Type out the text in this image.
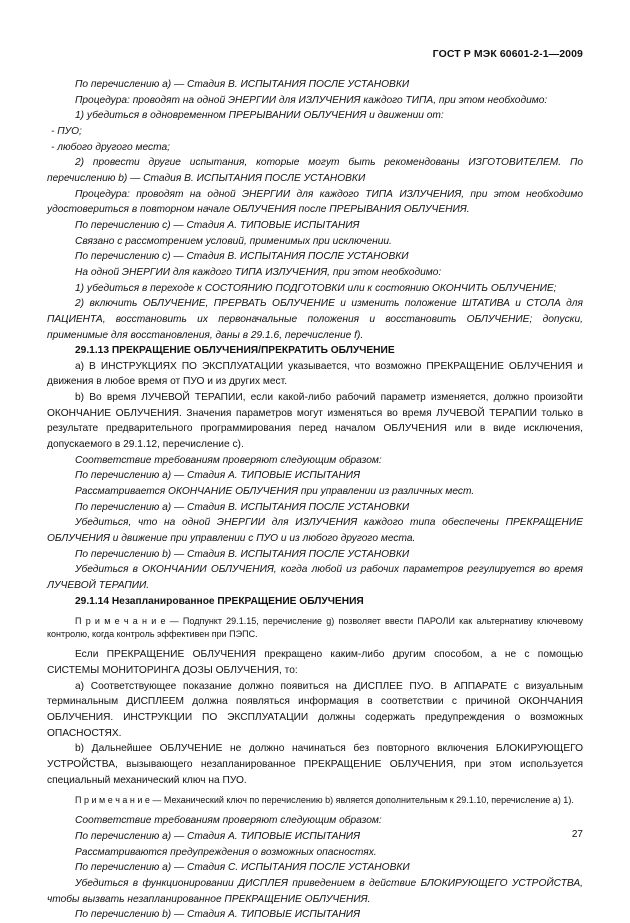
ГОСТ Р МЭК 60601-2-1—2009

По перечислению а) — Стадия В. ИСПЫТАНИЯ ПОСЛЕ УСТАНОВКИ

Процедура: проводят на одной ЭНЕРГИИ для ИЗЛУЧЕНИЯ каждого ТИПА, при этом необходимо:

1) убедиться в одновременном ПРЕРЫВАНИИ ОБЛУЧЕНИЯ и движении от:

- ПУО;

- любого другого места;

2) провести другие испытания, которые могут быть рекомендованы ИЗГОТОВИТЕЛЕМ. По перечислению b) — Стадия В. ИСПЫТАНИЯ ПОСЛЕ УСТАНОВКИ

Процедура: проводят на одной ЭНЕРГИИ для каждого ТИПА ИЗЛУЧЕНИЯ, при этом необходимо удостовериться в повторном начале ОБЛУЧЕНИЯ после ПРЕРЫВАНИЯ ОБЛУЧЕНИЯ.

По перечислению с) — Стадия А. ТИПОВЫЕ ИСПЫТАНИЯ

Связано с рассмотрением условий, применимых при исключении.

По перечислению с) — Стадия В. ИСПЫТАНИЯ ПОСЛЕ УСТАНОВКИ

На одной ЭНЕРГИИ для каждого ТИПА ИЗЛУЧЕНИЯ, при этом необходимо:

1) убедиться в переходе к СОСТОЯНИЮ ПОДГОТОВКИ или к состоянию ОКОНЧИТЬ ОБЛУЧЕНИЕ;

2) включить ОБЛУЧЕНИЕ, ПРЕРВАТЬ ОБЛУЧЕНИЕ и изменить положение ШТАТИВА и СТОЛА для ПАЦИЕНТА, восстановить их первоначальные положения и восстановить ОБЛУЧЕНИЕ; допуски, применимые для восстановления, даны в 29.1.6, перечисление f).

29.1.13 ПРЕКРАЩЕНИЕ ОБЛУЧЕНИЯ/ПРЕКРАТИТЬ ОБЛУЧЕНИЕ

а) В ИНСТРУКЦИЯХ ПО ЭКСПЛУАТАЦИИ указывается, что возможно ПРЕКРАЩЕНИЕ ОБЛУЧЕНИЯ и движения в любое время от ПУО и из других мест.

b) Во время ЛУЧЕВОЙ ТЕРАПИИ, если какой-либо рабочий параметр изменяется, должно произойти ОКОНЧАНИЕ ОБЛУЧЕНИЯ. Значения параметров могут изменяться во время ЛУЧЕВОЙ ТЕРАПИИ только в результате предварительного программирования перед началом ОБЛУЧЕНИЯ или в виде исключения, допускаемого в 29.1.12, перечисление с).

Соответствие требованиям проверяют следующим образом:

По перечислению а) — Стадия А. ТИПОВЫЕ ИСПЫТАНИЯ

Рассматривается ОКОНЧАНИЕ ОБЛУЧЕНИЯ при управлении из различных мест.

По перечислению а) — Стадия В. ИСПЫТАНИЯ ПОСЛЕ УСТАНОВКИ

Убедиться, что на одной ЭНЕРГИИ для ИЗЛУЧЕНИЯ каждого типа обеспечены ПРЕКРАЩЕНИЕ ОБЛУЧЕНИЯ и движение при управлении с ПУО и из любого другого места.

По перечислению b) — Стадия В. ИСПЫТАНИЯ ПОСЛЕ УСТАНОВКИ

Убедиться в ОКОНЧАНИИ ОБЛУЧЕНИЯ, когда любой из рабочих параметров регулируется во время ЛУЧЕВОЙ ТЕРАПИИ.

29.1.14 Незапланированное ПРЕКРАЩЕНИЕ ОБЛУЧЕНИЯ

П р и м е ч а н и е — Подпункт 29.1.15, перечисление g) позволяет ввести ПАРОЛИ как альтернативу ключевому контролю, когда контроль эффективен при ПЭПС.

Если ПРЕКРАЩЕНИЕ ОБЛУЧЕНИЯ прекращено каким-либо другим способом, а не с помощью СИСТЕМЫ МОНИТОРИНГА ДОЗЫ ОБЛУЧЕНИЯ, то:

а) Соответствующее показание должно появиться на ДИСПЛЕЕ ПУО. В АППАРАТЕ с визуальным терминальным ДИСПЛЕЕМ должна появляться информация в соответствии с причиной ОКОНЧАНИЯ ОБЛУЧЕНИЯ. ИНСТРУКЦИИ ПО ЭКСПЛУАТАЦИИ должны содержать предупреждения о возможных ОПАСНОСТЯХ.

b) Дальнейшее ОБЛУЧЕНИЕ не должно начинаться без повторного включения БЛОКИРУЮЩЕГО УСТРОЙСТВА, вызывающего незапланированное ПРЕКРАЩЕНИЕ ОБЛУЧЕНИЯ, при этом используется специальный механический ключ на ПУО.

П р и м е ч а н и е — Механический ключ по перечислению b) является дополнительным к 29.1.10, перечисление а) 1).

Соответствие требованиям проверяют следующим образом:

По перечислению а) — Стадия А. ТИПОВЫЕ ИСПЫТАНИЯ

Рассматриваются предупреждения о возможных опасностях.

По перечислению а) — Стадия С. ИСПЫТАНИЯ ПОСЛЕ УСТАНОВКИ

Убедиться в функционировании ДИСПЛЕЯ приведением в действие БЛОКИРУЮЩЕГО УСТРОЙСТВА, чтобы вызвать незапланированное ПРЕКРАЩЕНИЕ ОБЛУЧЕНИЯ.

По перечислению b) — Стадия А. ТИПОВЫЕ ИСПЫТАНИЯ

27
